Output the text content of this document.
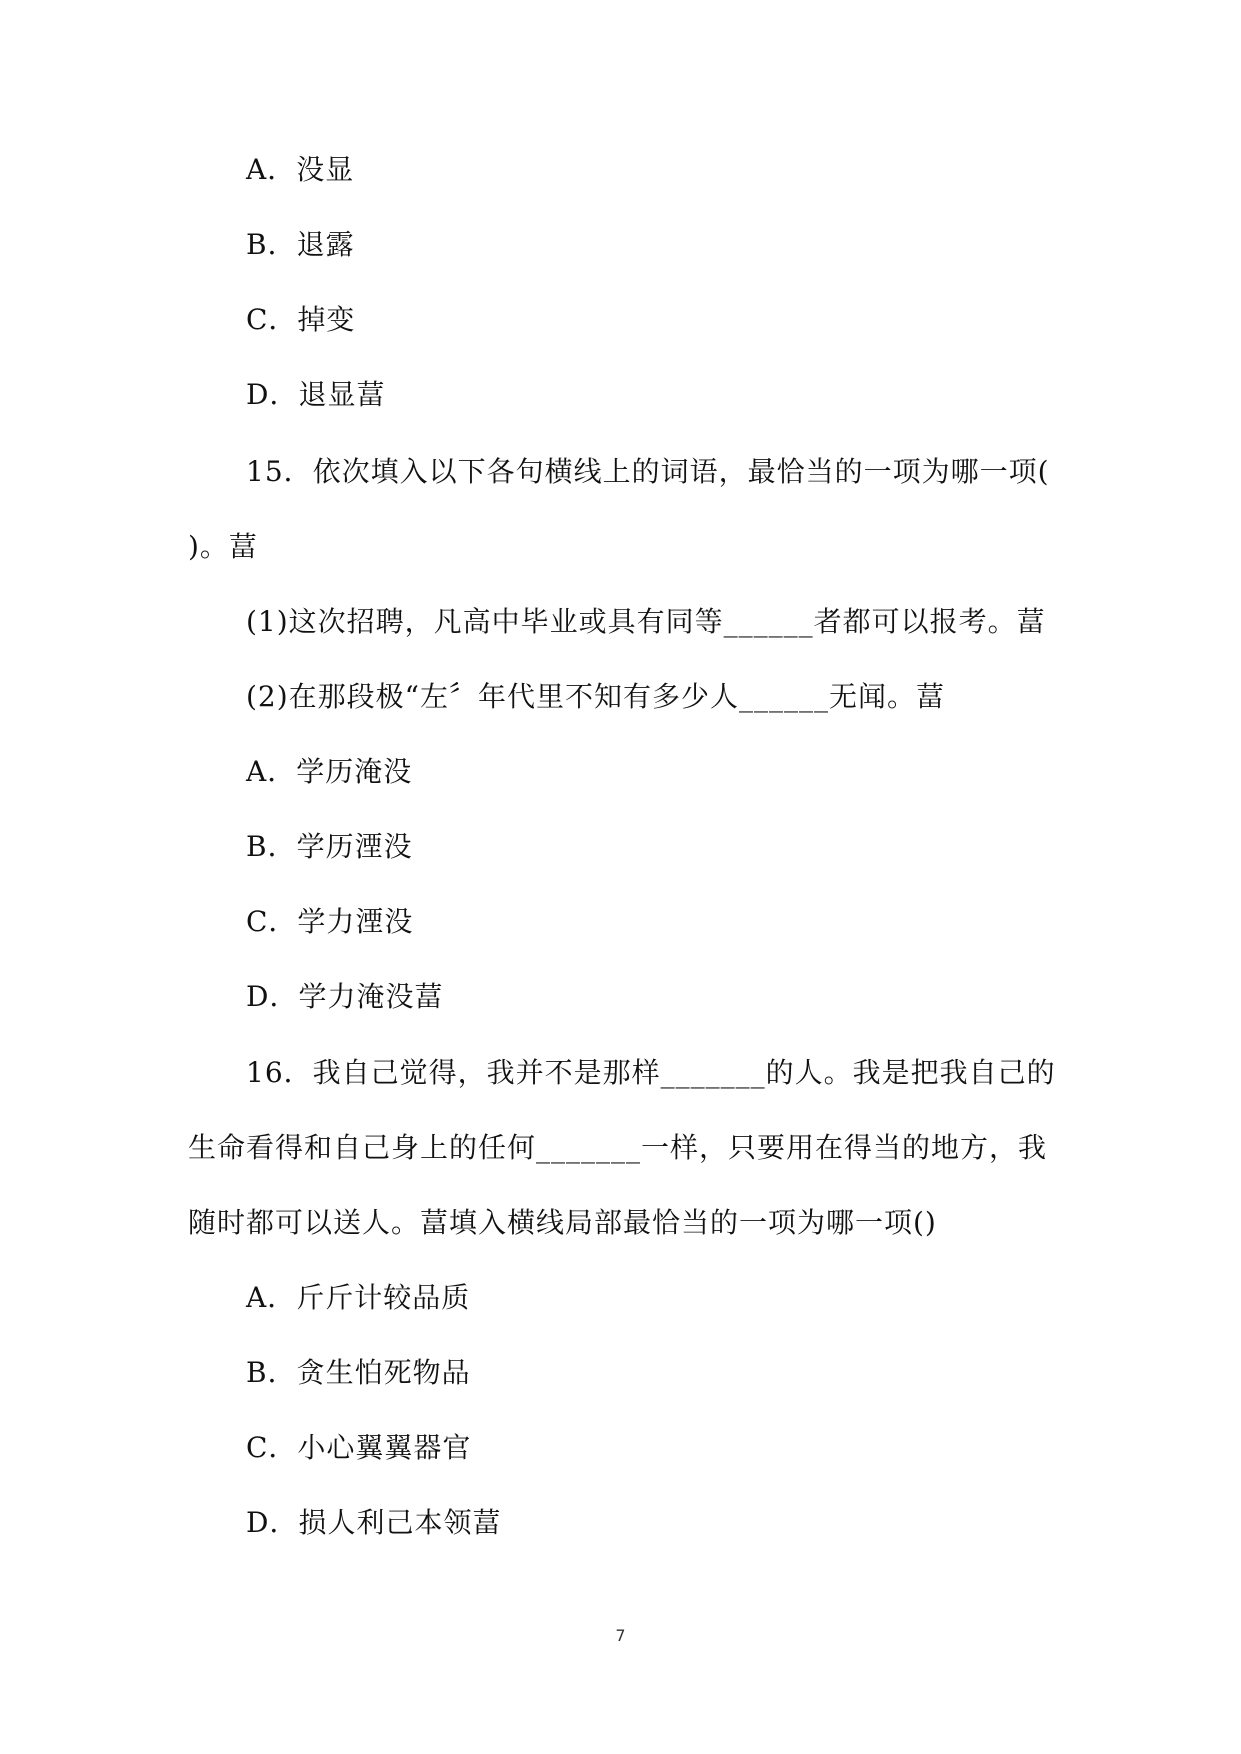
A．没显
B．退露
C．掉变
D．退显葍
15．依次填入以下各句横线上的词语，最恰当的一项为哪一项(
)。葍
(1)这次招聘，凡高中毕业或具有同等______者都可以报考。葍
(2)在那段极“左〞年代里不知有多少人______无闻。葍
A．学历淹没
B．学历湮没
C．学力湮没
D．学力淹没葍
16．我自己觉得，我并不是那样_______的人。我是把我自己的
生命看得和自己身上的任何_______一样，只要用在得当的地方，我
随时都可以送人。葍填入横线局部最恰当的一项为哪一项()
A．斤斤计较品质
B．贪生怕死物品
C．小心翼翼器官
D．损人利己本领葍
7
